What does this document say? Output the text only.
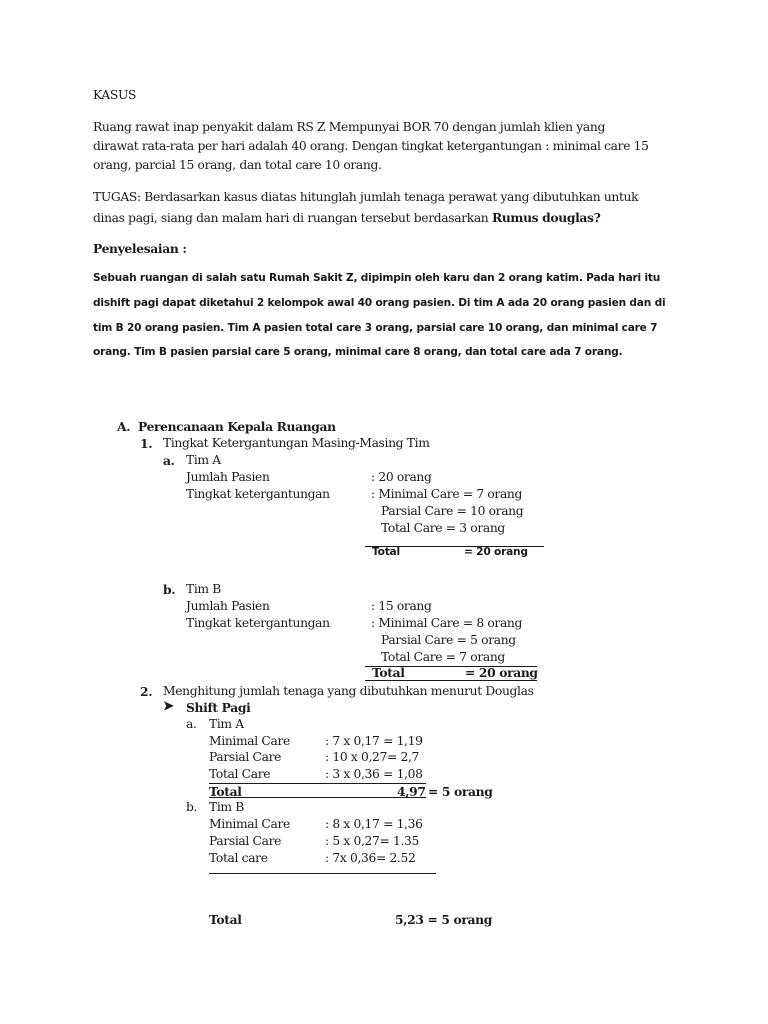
KASUS
Ruang rawat inap penyakit dalam RS Z Mempunyai BOR 70 dengan jumlah klien yang
dirawat rata-rata per hari adalah 40 orang. Dengan tingkat ketergantungan : minimal care 15
orang, parcial 15 orang, dan total care 10 orang.
TUGAS: Berdasarkan kasus diatas hitunglah jumlah tenaga perawat yang dibutuhkan untuk
dinas pagi, siang dan malam hari di ruangan tersebut berdasarkan Rumus douglas?
Penyelesaian :
Sebuah ruangan di salah satu Rumah Sakit Z, dipimpin oleh karu dan 2 orang katim. Pada hari itu
dishift pagi dapat diketahui 2 kelompok awal 40 orang pasien. Di tim A ada 20 orang pasien dan di
tim B 20 orang pasien. Tim A pasien total care 3 orang, parsial care 10 orang, dan minimal care 7
orang. Tim B pasien parsial care 5 orang, minimal care 8 orang, dan total care ada 7 orang.
A. Perencanaan Kepala Ruangan
1. Tingkat Ketergantungan Masing-Masing Tim
a. Tim A
Jumlah Pasien	: 20 orang
Tingkat ketergantungan	: Minimal Care = 7 orang
Parsial Care = 10 orang
Total Care = 3 orang
Total	= 20 orang
b. Tim B
Jumlah Pasien	: 15 orang
Tingkat ketergantungan	: Minimal Care = 8 orang
Parsial Care = 5 orang
Total Care = 7 orang
Total	= 20 orang
2. Menghitung jumlah tenaga yang dibutuhkan menurut Douglas
➤ Shift Pagi
a. Tim A
Minimal Care	: 7 x 0,17 = 1,19
Parsial Care	: 10 x 0,27= 2,7
Total Care	: 3 x 0,36 = 1,08
Total	4,97 = 5 orang
b. Tim B
Minimal Care	: 8 x 0,17 = 1,36
Parsial Care	: 5 x 0,27= 1.35
Total care	: 7x 0,36= 2.52
Total	5,23 = 5 orang
